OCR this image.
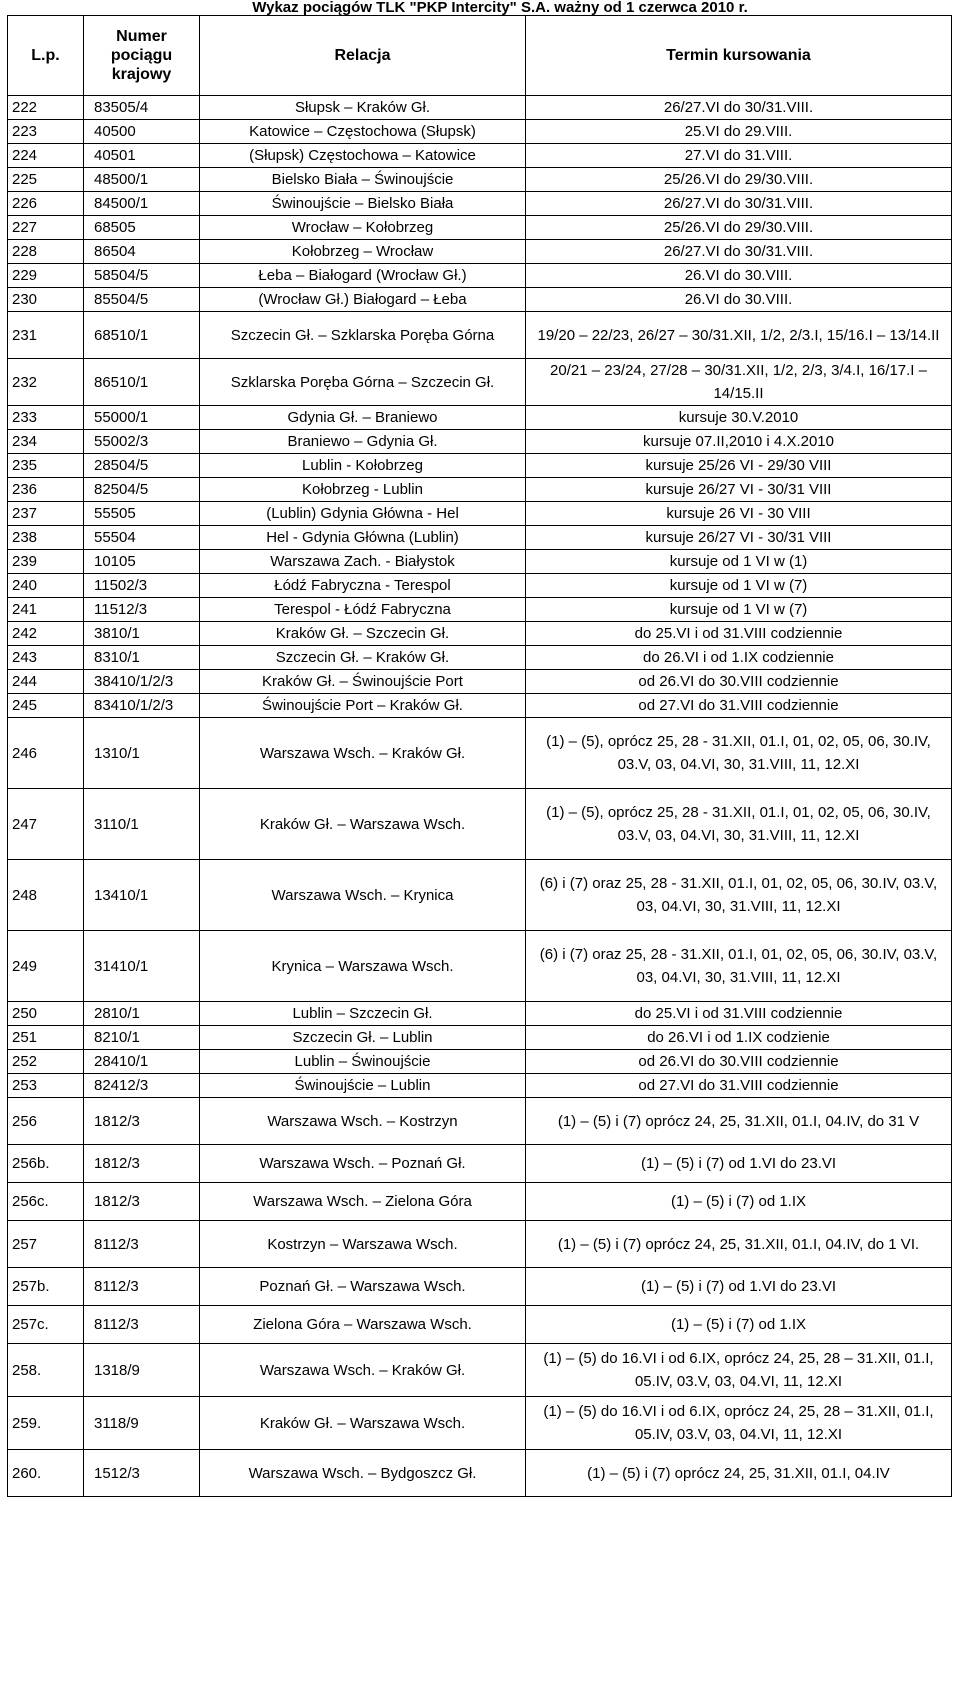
Wykaz pociągów TLK "PKP Intercity" S.A. ważny od 1 czerwca 2010 r.
L.p.	Numer pociągu krajowy	Relacja	Termin kursowania
222	83505/4	Słupsk – Kraków Gł.	26/27.VI do 30/31.VIII.
223	40500	Katowice – Częstochowa (Słupsk)	25.VI do 29.VIII.
224	40501	(Słupsk) Częstochowa – Katowice	27.VI do 31.VIII.
225	48500/1	Bielsko Biała – Świnoujście	25/26.VI do 29/30.VIII.
226	84500/1	Świnoujście – Bielsko Biała	26/27.VI do 30/31.VIII.
227	68505	Wrocław – Kołobrzeg	25/26.VI do 29/30.VIII.
228	86504	Kołobrzeg – Wrocław	26/27.VI do 30/31.VIII.
229	58504/5	Łeba – Białogard (Wrocław Gł.)	26.VI do 30.VIII.
230	85504/5	(Wrocław Gł.) Białogard – Łeba	26.VI do 30.VIII.
231	68510/1	Szczecin Gł. – Szklarska Poręba Górna	19/20 – 22/23, 26/27 – 30/31.XII, 1/2, 2/3.I, 15/16.I – 13/14.II
232	86510/1	Szklarska Poręba Górna – Szczecin Gł.	20/21 – 23/24, 27/28 – 30/31.XII, 1/2, 2/3, 3/4.I, 16/17.I – 14/15.II
233	55000/1	Gdynia Gł. – Braniewo	kursuje 30.V.2010
234	55002/3	Braniewo – Gdynia Gł.	kursuje 07.II,2010 i 4.X.2010
235	28504/5	Lublin - Kołobrzeg	kursuje 25/26 VI - 29/30 VIII
236	82504/5	Kołobrzeg - Lublin	kursuje 26/27 VI - 30/31 VIII
237	55505	(Lublin) Gdynia Główna - Hel	kursuje 26 VI - 30 VIII
238	55504	Hel - Gdynia Główna (Lublin)	kursuje 26/27 VI - 30/31 VIII
239	10105	Warszawa Zach. - Białystok	kursuje od 1 VI w (1)
240	11502/3	Łódź Fabryczna - Terespol	kursuje od 1 VI w (7)
241	11512/3	Terespol - Łódź Fabryczna	kursuje od 1 VI w (7)
242	3810/1	Kraków Gł. – Szczecin Gł.	do 25.VI i od 31.VIII codziennie
243	8310/1	Szczecin Gł. – Kraków Gł.	do 26.VI i od 1.IX codziennie
244	38410/1/2/3	Kraków Gł. – Świnoujście Port	od 26.VI do 30.VIII codziennie
245	83410/1/2/3	Świnoujście Port – Kraków Gł.	od 27.VI do 31.VIII codziennie
246	1310/1	Warszawa Wsch. – Kraków Gł.	(1) – (5), oprócz 25, 28 - 31.XII, 01.I, 01, 02, 05, 06, 30.IV, 03.V, 03, 04.VI, 30, 31.VIII, 11, 12.XI
247	3110/1	Kraków Gł. – Warszawa Wsch.	(1) – (5), oprócz 25, 28 - 31.XII, 01.I, 01, 02, 05, 06, 30.IV, 03.V, 03, 04.VI, 30, 31.VIII, 11, 12.XI
248	13410/1	Warszawa Wsch. – Krynica	(6) i (7) oraz 25, 28 - 31.XII, 01.I, 01, 02, 05, 06, 30.IV, 03.V, 03, 04.VI, 30, 31.VIII, 11, 12.XI
249	31410/1	Krynica – Warszawa Wsch.	(6) i (7) oraz 25, 28 - 31.XII, 01.I, 01, 02, 05, 06, 30.IV, 03.V, 03, 04.VI, 30, 31.VIII, 11, 12.XI
250	2810/1	Lublin – Szczecin Gł.	do 25.VI i od 31.VIII codziennie
251	8210/1	Szczecin Gł. – Lublin	do 26.VI i od 1.IX codzienie
252	28410/1	Lublin – Świnoujście	od 26.VI do 30.VIII codziennie
253	82412/3	Świnoujście – Lublin	od 27.VI do 31.VIII codziennie
256	1812/3	Warszawa Wsch. – Kostrzyn	(1) – (5) i (7) oprócz 24, 25, 31.XII, 01.I, 04.IV, do 31 V
256b.	1812/3	Warszawa Wsch. – Poznań Gł.	(1) – (5) i (7) od 1.VI do 23.VI
256c.	1812/3	Warszawa Wsch. – Zielona Góra	(1) – (5) i (7) od 1.IX
257	8112/3	Kostrzyn – Warszawa Wsch.	(1) – (5) i (7) oprócz 24, 25, 31.XII, 01.I, 04.IV, do 1 VI.
257b.	8112/3	Poznań Gł. – Warszawa Wsch.	(1) – (5) i (7) od 1.VI do 23.VI
257c.	8112/3	Zielona Góra – Warszawa Wsch.	(1) – (5) i (7) od 1.IX
258.	1318/9	Warszawa Wsch. – Kraków Gł.	(1) – (5) do 16.VI i od 6.IX, oprócz 24, 25, 28 – 31.XII, 01.I, 05.IV, 03.V, 03, 04.VI, 11, 12.XI
259.	3118/9	Kraków Gł. – Warszawa Wsch.	(1) – (5) do 16.VI i od 6.IX, oprócz 24, 25, 28 – 31.XII, 01.I, 05.IV, 03.V, 03, 04.VI, 11, 12.XI
260.	1512/3	Warszawa Wsch. – Bydgoszcz Gł.	(1) – (5) i (7) oprócz 24, 25, 31.XII, 01.I, 04.IV
